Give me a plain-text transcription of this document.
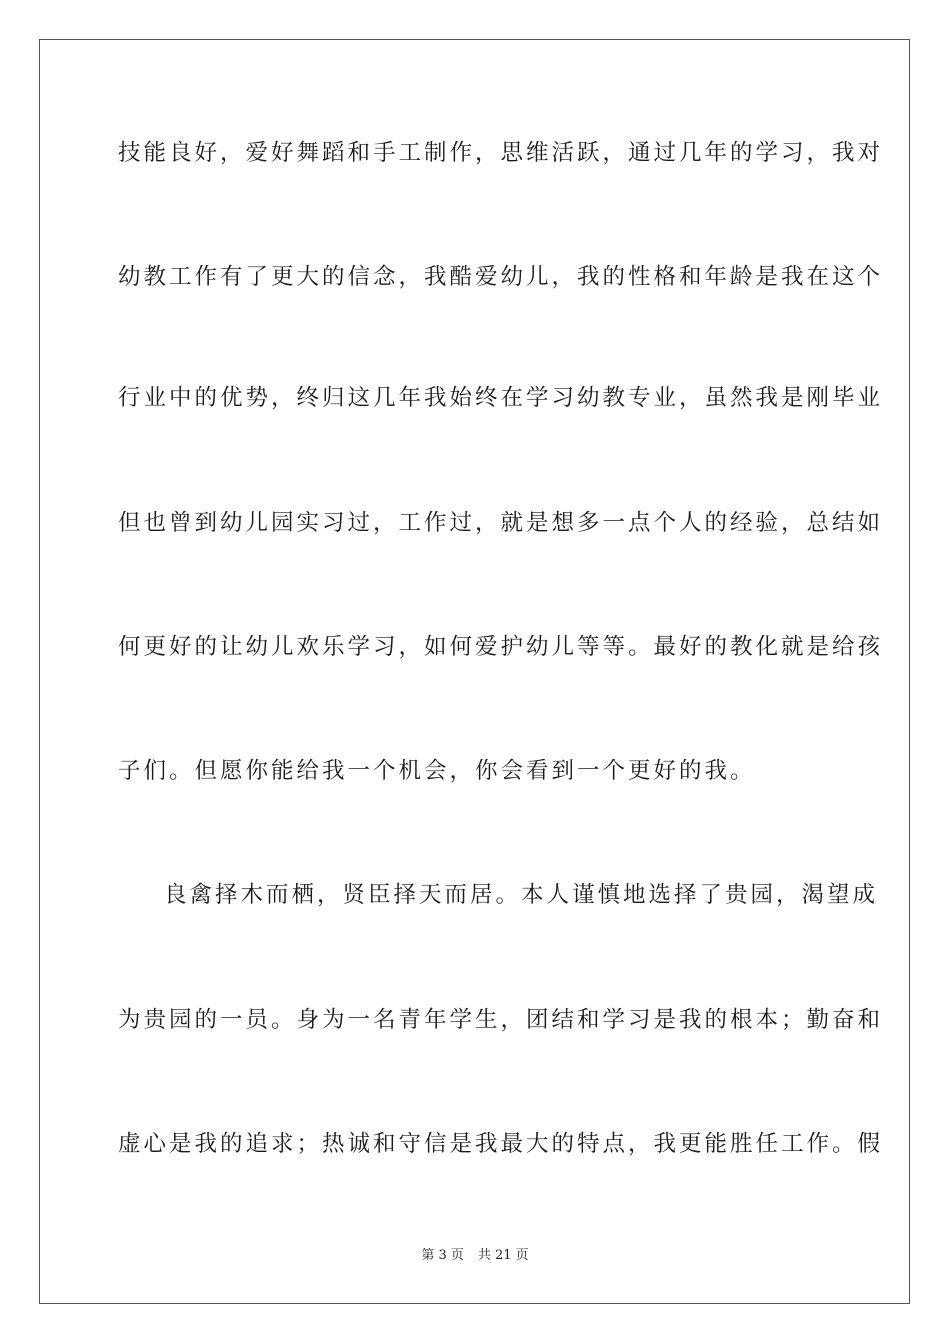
技能良好，爱好舞蹈和手工制作，思维活跃，通过几年的学习，我对
幼教工作有了更大的信念，我酷爱幼儿，我的性格和年龄是我在这个
行业中的优势，终归这几年我始终在学习幼教专业，虽然我是刚毕业
但也曾到幼儿园实习过，工作过，就是想多一点个人的经验，总结如
何更好的让幼儿欢乐学习，如何爱护幼儿等等。最好的教化就是给孩
子们。但愿你能给我一个机会，你会看到一个更好的我。
良禽择木而栖，贤臣择天而居。本人谨慎地选择了贵园，渴望成
为贵园的一员。身为一名青年学生，团结和学习是我的根本；勤奋和
虚心是我的追求；热诚和守信是我最大的特点，我更能胜任工作。假
第 3 页 共 21 页
